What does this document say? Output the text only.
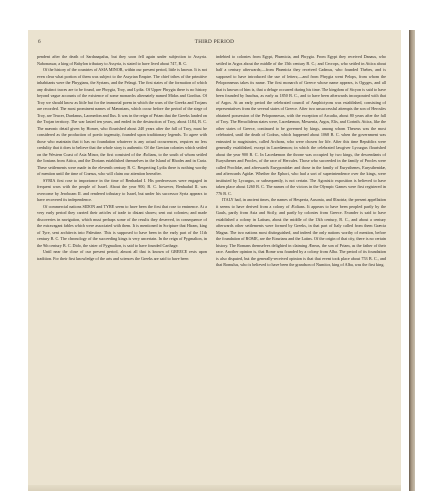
6	THIRD PERIOD

pendent after the death of Sardanapalus, but they soon fell again under subjection to Assyria. Nabonassar, a king of Babylon tributary to Assyria, is stated to have lived about 747, B. C.

Of the history of the countries of ASIA MINOR, within our present period, little is known. It is not even clear what portion of them was subject to the Assyrian Empire. The chief tribes of the primitive inhabitants were the Phrygians, the Syrians, and the Pelasgi. The first states of the formation of which any distinct traces are to be found, are Phrygia, Troy, and Lydia. Of Upper Phrygia there is no history beyond vague accounts of the existence of some monarchs alternately named Midas and Gordius. Of Troy we should know as little but for the immortal poem in which the wars of the Greeks and Trojans are recorded. The most prominent names of Mæonians, which occur before the period of the siege of Troy, are Teucer, Dardanus, Laomedon and Ilus. It was in the reign of Priam that the Greeks landed on the Trojan territory. The war lasted ten years, and ended in the destruction of Troy, about 1184, B. C. The mæonic detail given by Homer, who flourished about 240 years after the fall of Troy, must be considered as the production of poetic ingenuity, founded upon traditionary legends. To agree with those who maintain that it has no foundation whatever is any actual occurrences, requires no less credulity that it does to believe that the whole story is authentic. Of the Grecian colonies which settled on the Western Coast of Asia Minor, the first consisted of the Æolians, to the south of whom settled the Ionians from Attica, and the Dorians established themselves in the Island of Rhodes and in Caria. These settlements were made in the eleventh century B. C. Respecting Lydia there is nothing worthy of mention until the time of Crœsus, who will claim our attention hereafter.

SYRIA first rose to importance in the time of Benhadad I. His predecessors were engaged in frequent wars with the people of Israel. About the year 900, B. C. however, Benhadad II. was overcome by Jeroboam II. and rendered tributary to Israel, but under his successor Syria appears to have recovered its independence.

Of commercial nations SIDON and TYRE seem to have been the first that rose to eminence. At a very early period they carried their articles of trade to distant shores; sent out colonies; and made discoveries in navigation, which must perhaps some of the results they deserved, in consequence of the extravagant fables which were associated with them. It is mentioned in Scripture that Hiram, king of Tyre, sent architects into Palestine. This is supposed to have been in the early part of the 11th century B. C. The chronology of the succeeding kings is very uncertain. In the reign of Pygmalion, in the 9th century B. C. Dido, the sister of Pygmalion, is said to have founded Carthage.

Until near the close of our present period, almost all that is known of GREECE rests upon tradition. For their first knowledge of the arts and sciences the Greeks are said to have been

indebted to colonies from Egypt, Phœnicia, and Phrygia. From Egypt they received Danaus, who settled in Argos about the middle of the 15th century B. C.; and Cecrops, who settled in Attica about half a century afterwards;—from Phœnicia they received Cadmus, who founded Thebes, and is supposed to have introduced the use of letters;—and from Phrygia went Pelops, from whom the Peloponnesus takes its name. The first monarch of Greece whose name appears, is Ogyges, and all that is known of him is, that a deluge occurred during his time. The kingdom of Sicyon is said to have been founded by Inachus, as early as 1850 B. C., and to have been afterwards incorporated with that of Argos. At an early period the celebrated council of Amphictyons was established, consisting of representatives from the several states of Greece. After two unsuccessful attempts the son of Hercules obtained possession of the Peloponnesus, with the exception of Arcadia, about 80 years after the fall of Troy. The Heraclidean states were, Lacedæmon, Messenia, Argos, Elis, and Corinth. Attica, like the other states of Greece, continued to be governed by kings, among whom Theseus was the most celebrated, until the death of Codrus, which happened about 1068 B. C. when the government was entrusted to magistrates, called Archons, who were chosen for life. After this time Republics were generally established, except in Lacedæmon; in which the celebrated lawgiver Lycurgus flourished about the year 900 B. C. In Lacedæmon the throne was occupied by two kings, the descendants of Eurysthenes and Procles, of the race of Hercules. Those who succeeded in the family of Procles were called Proclidæ, and afterwards Eurypontidæ: and those in the family of Eurysthenes, Eurysthenidæ, and afterwards Agidæ. Whether the Ephori, who had a sort of superintendence over the kings, were instituted by Lycurgus, or subsequently, is not certain. The Agonistic exposition is believed to have taken place about 1260 B. C. The names of the victors in the Olympic Games were first registered in 776 B. C.

ITALY had, in ancient times, the names of Hesperia, Ausonia, and Œnotria; the present appellation it seems to have derived from a colony of Æolians. It appears to have been peopled partly by the Gauls, partly from Asia and Sicily, and partly by colonies from Greece. Evander is said to have established a colony in Latium, about the middle of the 13th century, B. C., and about a century afterwards other settlements were formed by Greeks, in that part of Italy called from them Græcia Magna. The two nations most distinguished, and indeed the only nations worthy of mention, before the foundation of ROME, are the Etrurians and the Latins. Of the origin of that city, there is no certain history. The Romans themselves delighted in claiming Æneas, the son of Priam, as the father of their race. Another opinion is, that Rome was founded by a colony from Alba. The period of its foundation is also disputed, but the generally-received opinion is that that event took place about 753 B. C., and that Romulus, who is believed to have been the grandson of Numitor, king of Alba, was the first king.
